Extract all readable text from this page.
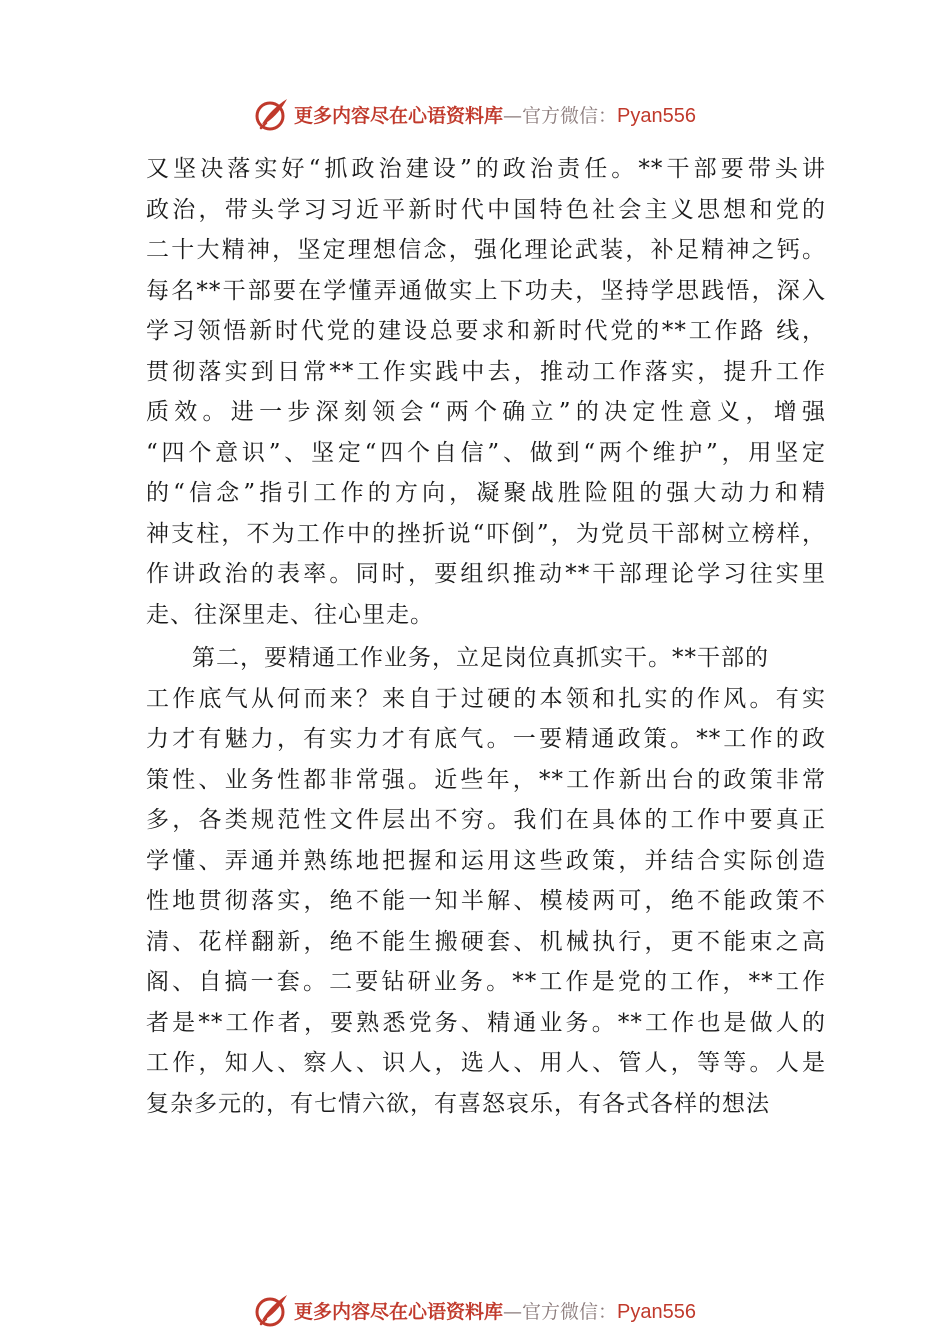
更多内容尽在心语资料库—官方微信：Pyan556
又坚决落实好“抓政治建设”的政治责任。**干部要带头讲
政治，带头学习习近平新时代中国特色社会主义思想和党的
二十大精神，坚定理想信念，强化理论武装，补足精神之钙。
每名**干部要在学懂弄通做实上下功夫，坚持学思践悟，深入
学习领悟新时代党的建设总要求和新时代党的**工作路 线，
贯彻落实到日常**工作实践中去，推动工作落实，提升工作
质效。进一步深刻领会“两个确立”的决定性意义，增强
“四个意识”、坚定“四个自信”、做到“两个维护”，用坚定
的“信念”指引工作的方向，凝聚战胜险阻的强大动力和精
神支柱，不为工作中的挫折说“吓倒”，为党员干部树立榜样，
作讲政治的表率。同时，要组织推动**干部理论学习往实里
走、往深里走、往心里走。
第二，要精通工作业务，立足岗位真抓实干。**干部的
工作底气从何而来？来自于过硬的本领和扎实的作风。有实
力才有魅力，有实力才有底气。一要精通政策。**工作的政
策性、业务性都非常强。近些年，**工作新出台的政策非常
多，各类规范性文件层出不穷。我们在具体的工作中要真正
学懂、弄通并熟练地把握和运用这些政策，并结合实际创造
性地贯彻落实，绝不能一知半解、模棱两可，绝不能政策不
清、花样翻新，绝不能生搬硬套、机械执行，更不能束之高
阁、自搞一套。二要钻研业务。**工作是党的工作，**工作
者是**工作者，要熟悉党务、精通业务。**工作也是做人的
工作，知人、察人、识人，选人、用人、管人，等等。人是
复杂多元的，有七情六欲，有喜怒哀乐，有各式各样的想法
更多内容尽在心语资料库—官方微信：Pyan556
